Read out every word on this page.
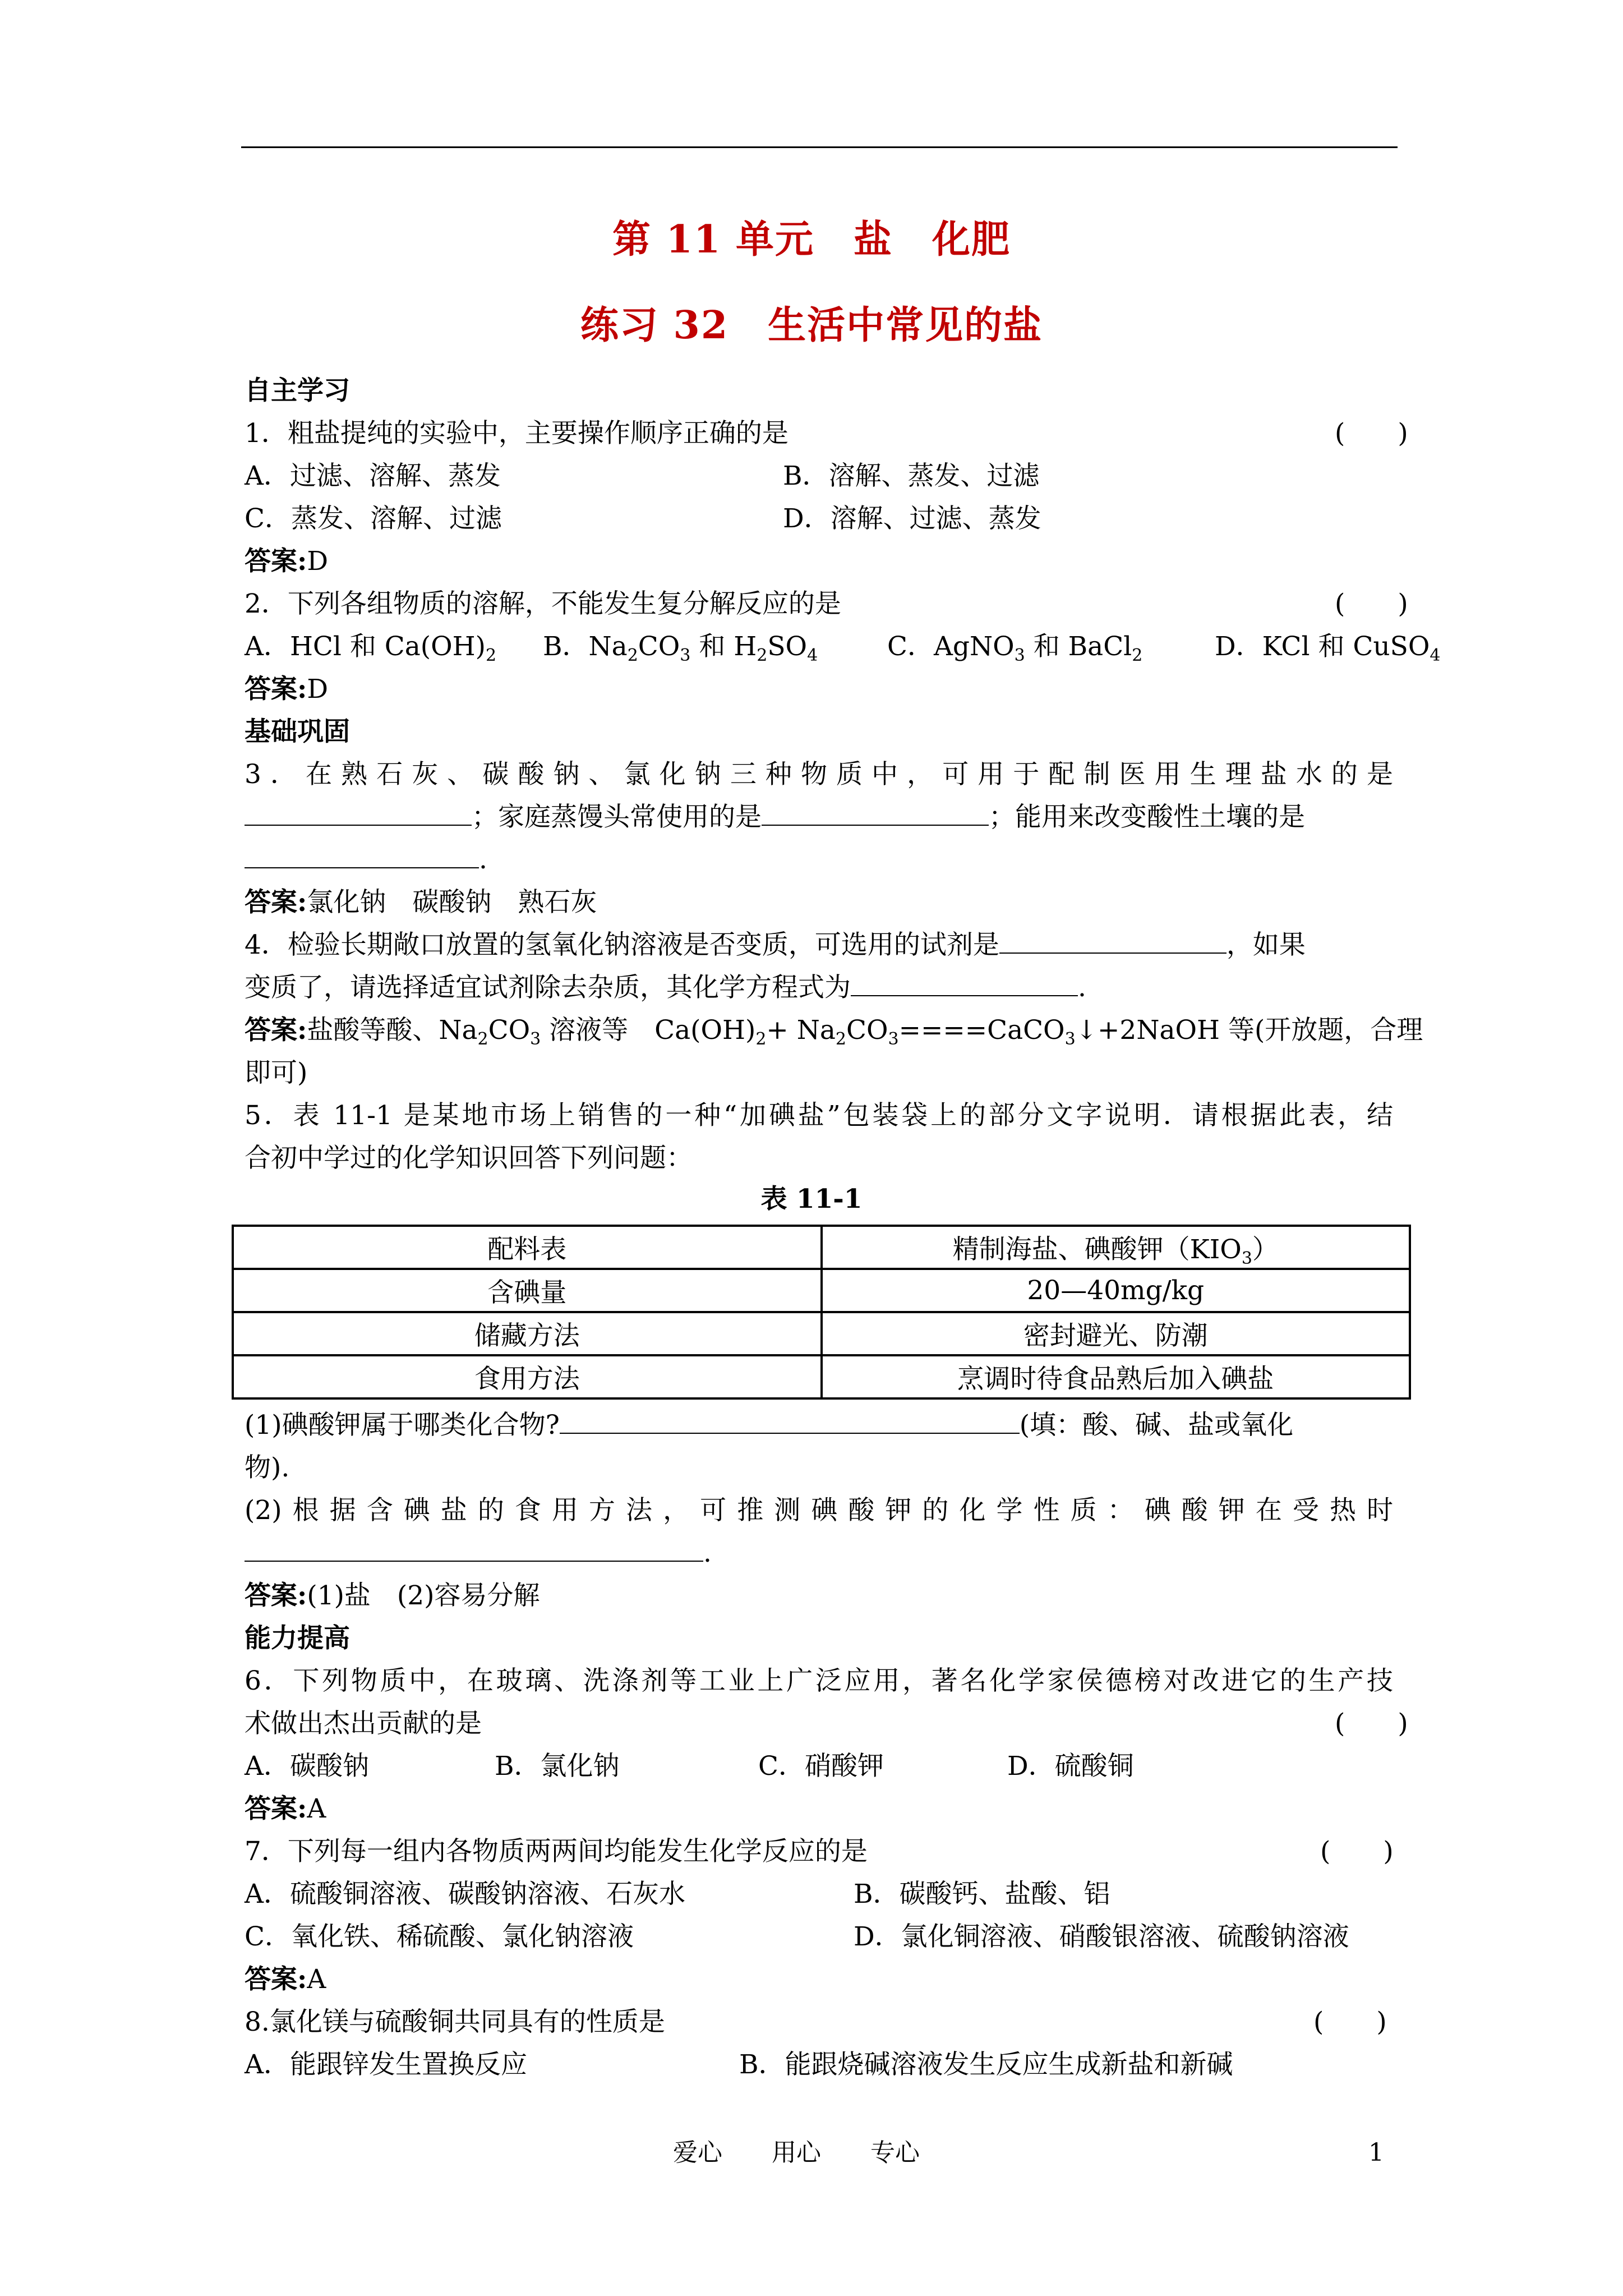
第 11 单元　盐　化肥
练习 32　生活中常见的盐
自主学习
1．粗盐提纯的实验中，主要操作顺序正确的是	(　　)
A．过滤、溶解、蒸发	B．溶解、蒸发、过滤
C．蒸发、溶解、过滤	D．溶解、过滤、蒸发
答案:D
2．下列各组物质的溶解，不能发生复分解反应的是	(　　)
A．HCl 和 $Ca(OH)_2$ B．$Na_2CO_3$ 和 $H_2SO_4$	C．AgNO$_3$ 和 BaCl$_2$	D．KCl 和 CuSO$_4$
答案:D
基础巩固
3．在熟石灰、碳酸钠、氯化钠三种物质中，可用于配制医用生理盐水的是
；家庭蒸馒头常使用的是	；能用来改变酸性土壤的是
.
答案:氯化钠　碳酸钠　熟石灰
4．检验长期敞口放置的氢氧化钠溶液是否变质，可选用的试剂是	，如果
变质了，请选择适宜试剂除去杂质，其化学方程式为	.
答案:盐酸等酸、$Na_2CO_3$ 溶液等　$Ca(OH)_2+$ $Na_2CO_3====CaCO_3↓+2NaOH$ 等(开放题，合理
即可)
5．表 11-1 是某地市场上销售的一种“加碘盐”包装袋上的部分文字说明．请根据此表，结
合初中学过的化学知识回答下列问题：
表 11-1
配料表	精制海盐、碘酸钾$(KIO_3)$
含碘量	20—40mg/kg
储藏方法	密封避光、防潮
食用方法	烹调时待食品熟后加入碘盐
(1)碘酸钾属于哪类化合物?	(填：酸、碱、盐或氧化
物).
(2)根据含碘盐的食用方法，可推测碘酸钾的化学性质：碘酸钾在受热时
.
答案:(1)盐　(2)容易分解
能力提高
6．下列物质中，在玻璃、洗涤剂等工业上广泛应用，著名化学家侯德榜对改进它的生产技
术做出杰出贡献的是	(　　)
A．碳酸钠	B．氯化钠	C．硝酸钾	D．硫酸铜
答案:A
7．下列每一组内各物质两两间均能发生化学反应的是	(　　)
A．硫酸铜溶液、碳酸钠溶液、石灰水	B．碳酸钙、盐酸、铝
C．氧化铁、稀硫酸、氯化钠溶液	D．氯化铜溶液、硝酸银溶液、硫酸钠溶液
答案:A
8.氯化镁与硫酸铜共同具有的性质是	(　　)
A．能跟锌发生置换反应	B．能跟烧碱溶液发生反应生成新盐和新碱
爱心　　用心　　专心	1
